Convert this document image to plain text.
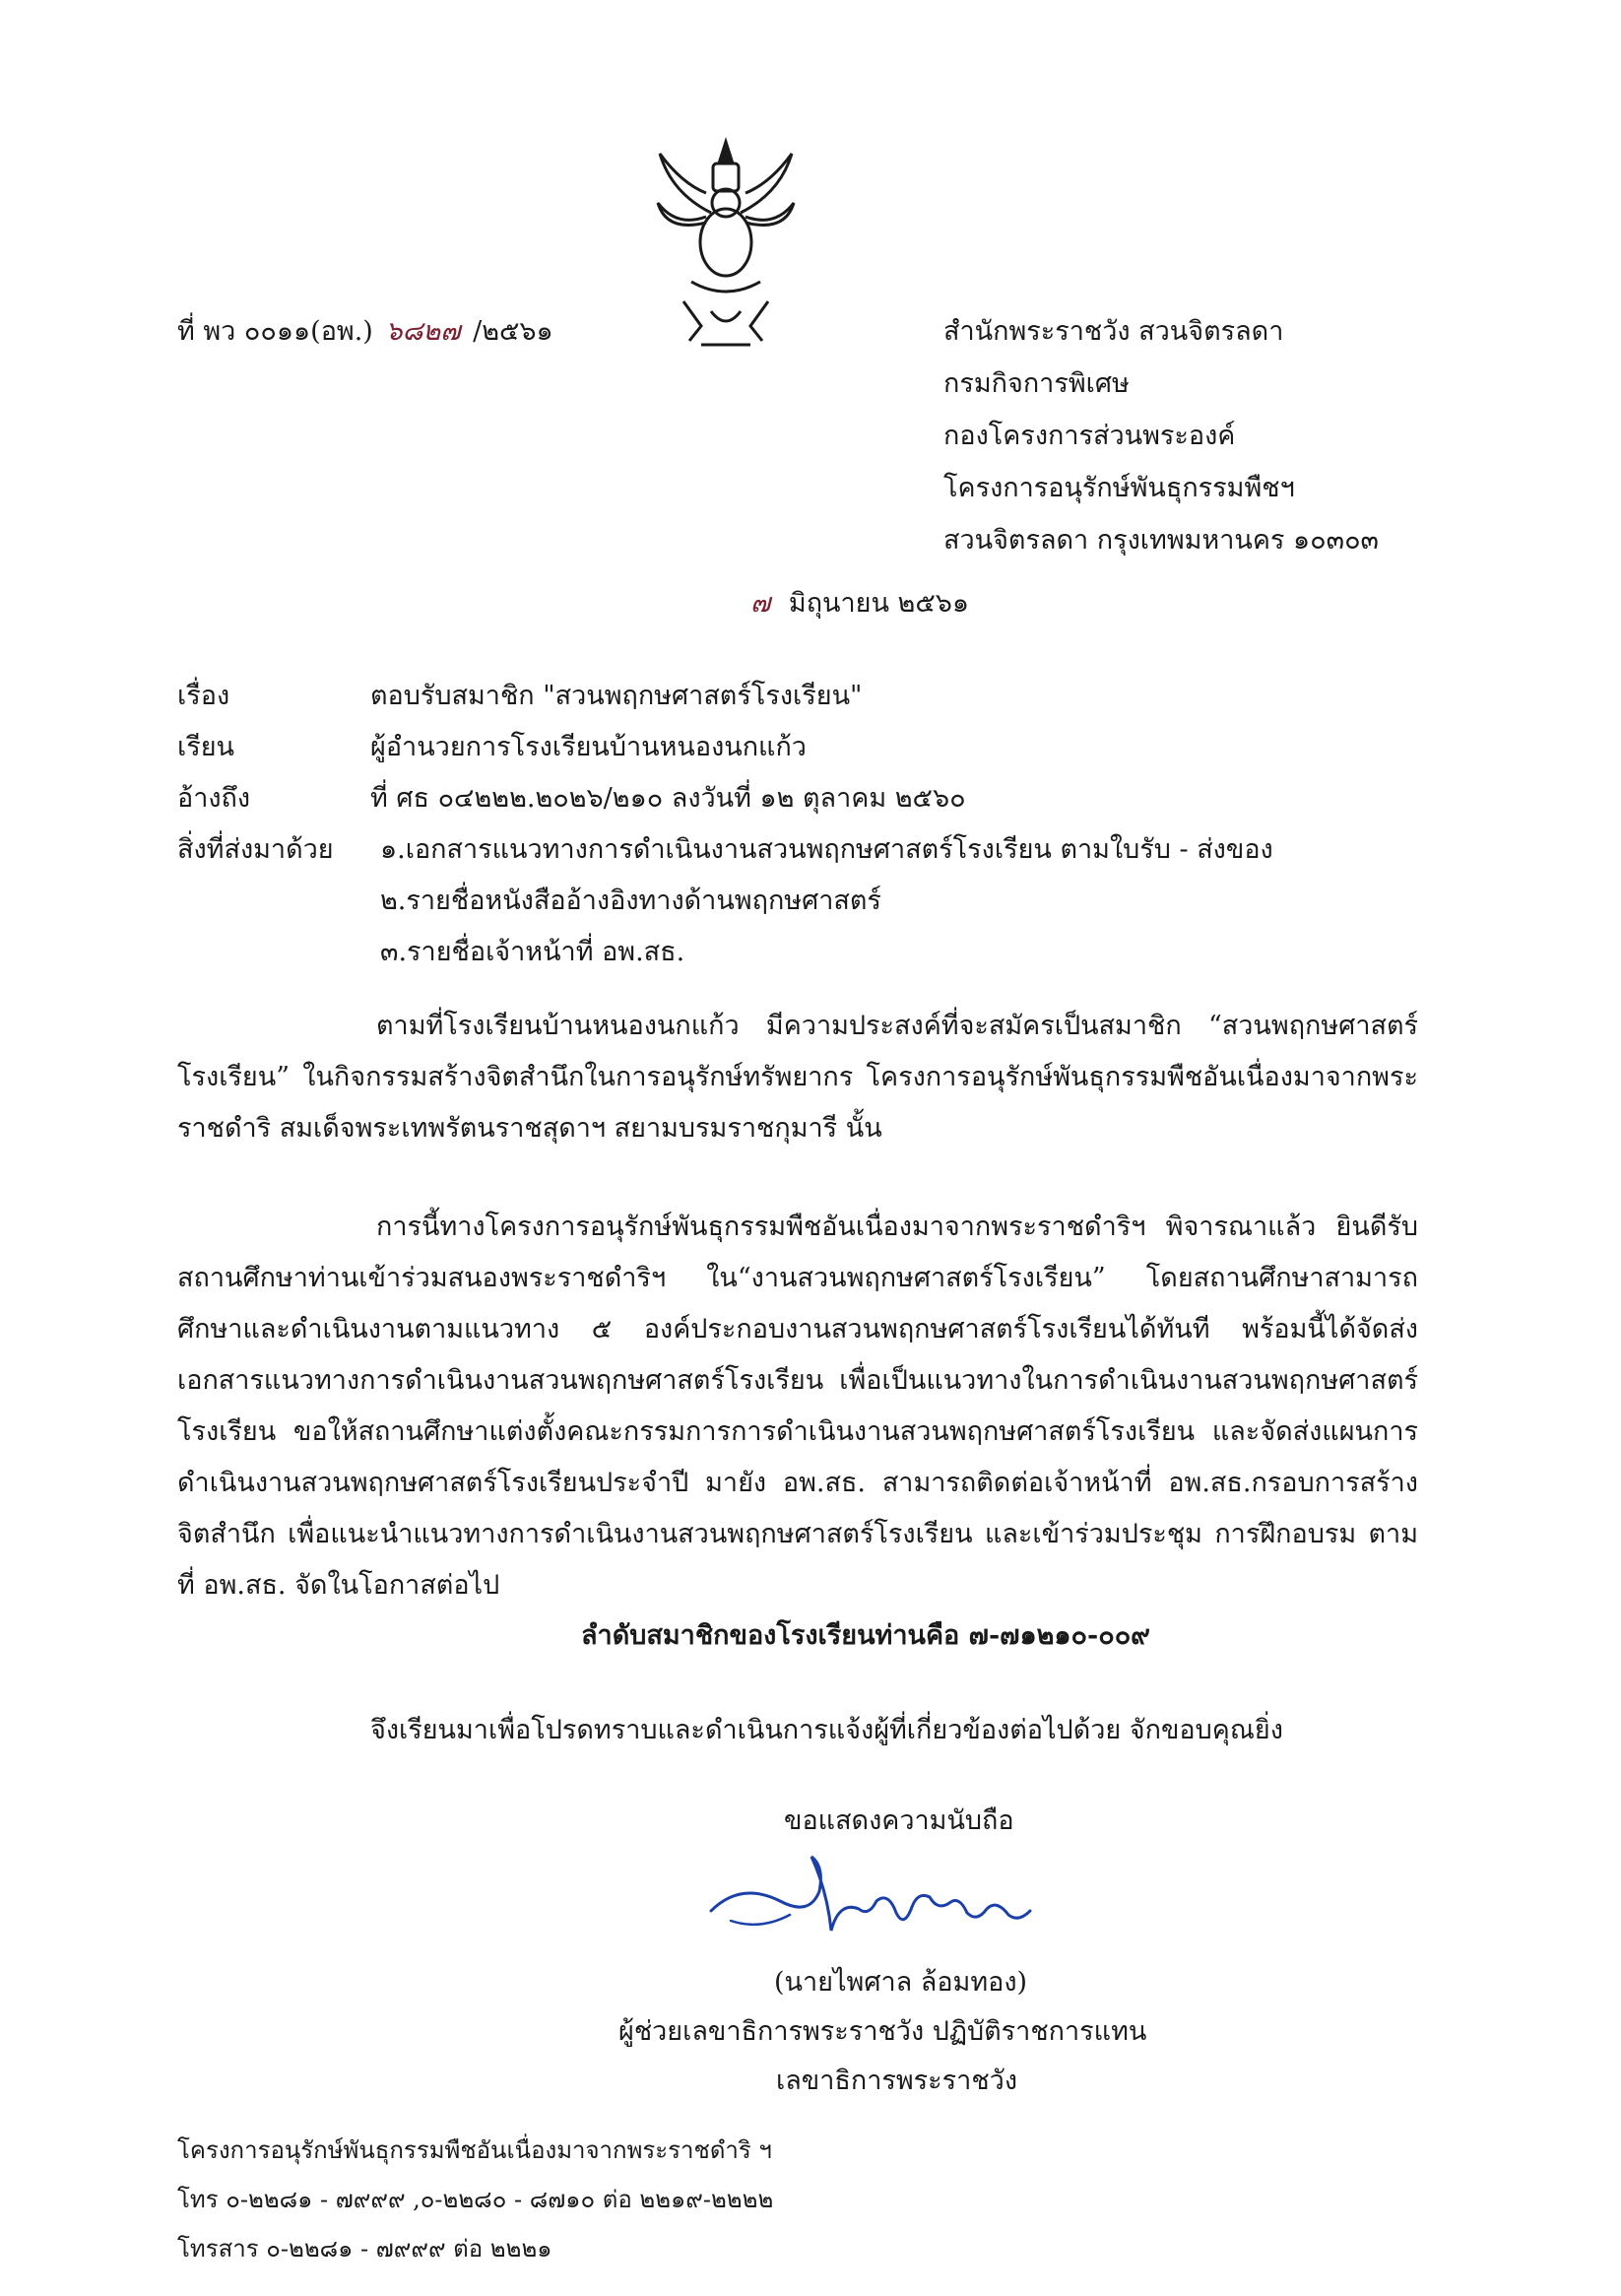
ที่ พว ๐๐๑๑(อพ.) ๖๘๒๗ /๒๕๖๑	สำนักพระราชวัง สวนจิตรลดา
กรมกิจการพิเศษ
กองโครงการส่วนพระองค์
โครงการอนุรักษ์พันธุกรรมพืชฯ
สวนจิตรลดา กรุงเทพมหานคร ๑๐๓๐๓
๗ มิถุนายน ๒๕๖๑
เรื่อง	ตอบรับสมาชิก "สวนพฤกษศาสตร์โรงเรียน"
เรียน	ผู้อำนวยการโรงเรียนบ้านหนองนกแก้ว
อ้างถึง	ที่ ศธ ๐๔๒๒๒.๒๐๒๖/๒๑๐ ลงวันที่ ๑๒ ตุลาคม ๒๕๖๐
สิ่งที่ส่งมาด้วย	๑.เอกสารแนวทางการดำเนินงานสวนพฤกษศาสตร์โรงเรียน ตามใบรับ - ส่งของ
๒.รายชื่อหนังสืออ้างอิงทางด้านพฤกษศาสตร์
๓.รายชื่อเจ้าหน้าที่ อพ.สธ.

ตามที่โรงเรียนบ้านหนองนกแก้ว มีความประสงค์ที่จะสมัครเป็นสมาชิก “สวนพฤกษศาสตร์โรงเรียน” ในกิจกรรมสร้างจิตสำนึกในการอนุรักษ์ทรัพยากร โครงการอนุรักษ์พันธุกรรมพืชอันเนื่องมาจากพระราชดำริ สมเด็จพระเทพรัตนราชสุดาฯ สยามบรมราชกุมารี นั้น

การนี้ทางโครงการอนุรักษ์พันธุกรรมพืชอันเนื่องมาจากพระราชดำริฯ พิจารณาแล้ว ยินดีรับสถานศึกษาท่านเข้าร่วมสนองพระราชดำริฯ ใน“งานสวนพฤกษศาสตร์โรงเรียน” โดยสถานศึกษาสามารถศึกษาและดำเนินงานตามแนวทาง ๕ องค์ประกอบงานสวนพฤกษศาสตร์โรงเรียนได้ทันที พร้อมนี้ได้จัดส่งเอกสารแนวทางการดำเนินงานสวนพฤกษศาสตร์โรงเรียน เพื่อเป็นแนวทางในการดำเนินงานสวนพฤกษศาสตร์โรงเรียน ขอให้สถานศึกษาแต่งตั้งคณะกรรมการการดำเนินงานสวนพฤกษศาสตร์โรงเรียน และจัดส่งแผนการดำเนินงานสวนพฤกษศาสตร์โรงเรียนประจำปี มายัง อพ.สธ. สามารถติดต่อเจ้าหน้าที่ อพ.สธ.กรอบการสร้างจิตสำนึก เพื่อแนะนำแนวทางการดำเนินงานสวนพฤกษศาสตร์โรงเรียน และเข้าร่วมประชุม การฝึกอบรม ตามที่ อพ.สธ. จัดในโอกาสต่อไป

ลำดับสมาชิกของโรงเรียนท่านคือ ๗-๗๑๒๑๐-๐๐๙
จึงเรียนมาเพื่อโปรดทราบและดำเนินการแจ้งผู้ที่เกี่ยวข้องต่อไปด้วย จักขอบคุณยิ่ง
ขอแสดงความนับถือ
(นายไพศาล ล้อมทอง)
ผู้ช่วยเลขาธิการพระราชวัง ปฏิบัติราชการแทน
เลขาธิการพระราชวัง
โครงการอนุรักษ์พันธุกรรมพืชอันเนื่องมาจากพระราชดำริ ฯ
โทร ๐-๒๒๘๑ - ๗๙๙๙ ,๐-๒๒๘๐ - ๘๗๑๐ ต่อ ๒๒๑๙-๒๒๒๒
โทรสาร ๐-๒๒๘๑ - ๗๙๙๙ ต่อ ๒๒๒๑
